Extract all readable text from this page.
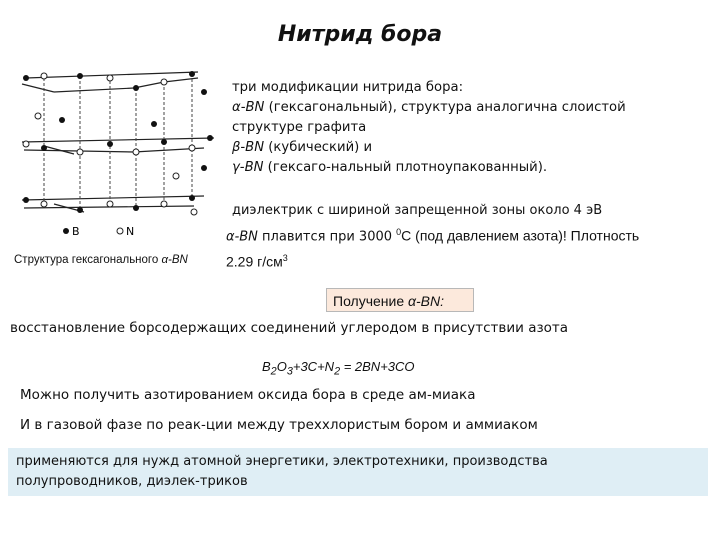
Нитрид бора
B	N
Структура гексагонального α-BN
три модификации нитрида бора:
α-BN (гексагональный), структура аналогична слоистой
структуре графита
β-BN (кубический) и
γ-BN (гексаго-нальный плотноупакованный).
диэлектрик с шириной запрещенной зоны около 4 эВ
α-BN плавится при 3000 $^0$С (под давлением азота)! Плотность
2.29 $г/см^3$
Получение α-BN:
восстановление борсодержащих соединений углеродом в присутствии азота
$B_2O_3+3C+N_2 = 2BN+3CO$
Можно получить азотированием оксида бора в среде ам-миака
И в газовой фазе по реак-ции между треххлористым бором и аммиаком
применяются для нужд атомной энергетики, электротехники, производства
полупроводников, диэлек-триков
